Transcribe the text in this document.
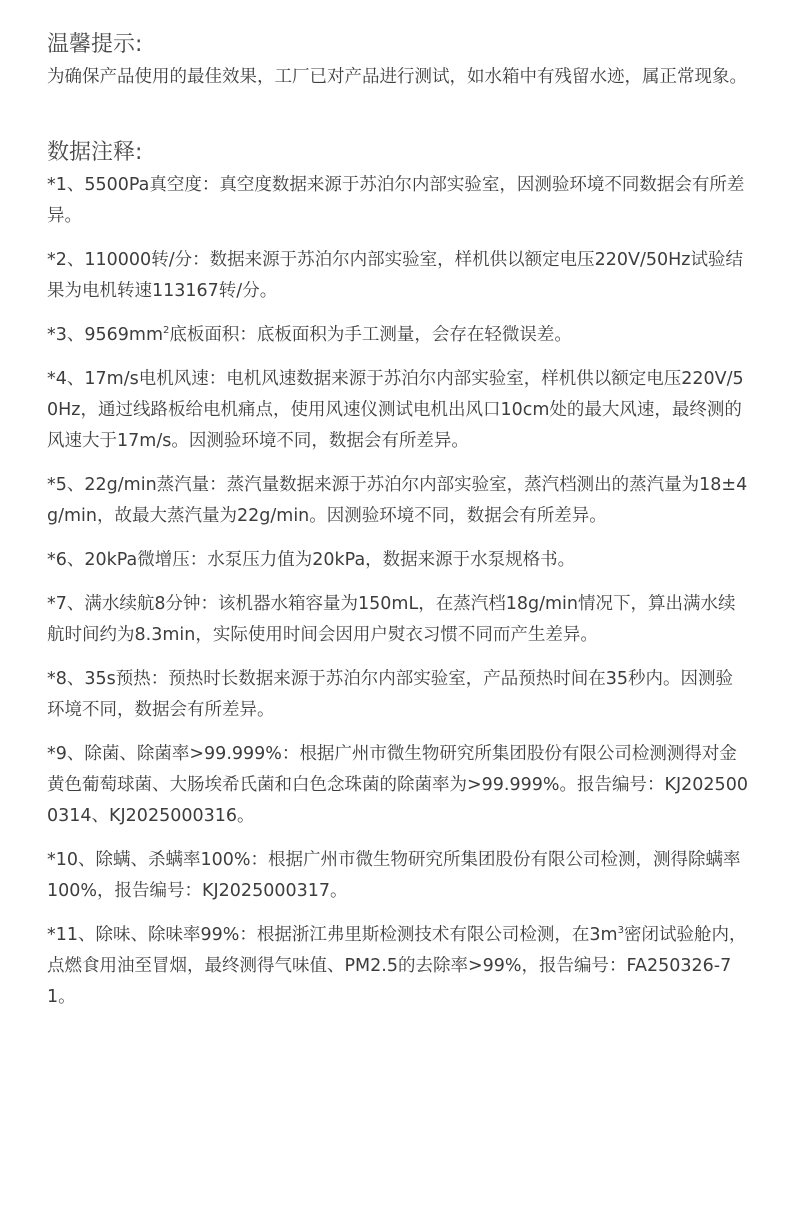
温馨提示:

为确保产品使用的最佳效果，工厂已对产品进行测试，如水箱中有残留水迹，属正常现象。

数据注释:

*1、5500Pa真空度：真空度数据来源于苏泊尔内部实验室，因测验环境不同数据会有所差异。

*2、110000转/分：数据来源于苏泊尔内部实验室，样机供以额定电压220V/50Hz试验结果为电机转速113167转/分。

*3、$9569mm^2$底板面积：底板面积为手工测量，会存在轻微误差。

*4、17m/s电机风速：电机风速数据来源于苏泊尔内部实验室，样机供以额定电压220V/50Hz，通过线路板给电机痛点，使用风速仪测试电机出风口10cm处的最大风速，最终测的风速大于17m/s。因测验环境不同，数据会有所差异。

*5、22g/min蒸汽量：蒸汽量数据来源于苏泊尔内部实验室，蒸汽档测出的蒸汽量为18±4g/min，故最大蒸汽量为22g/min。因测验环境不同，数据会有所差异。

*6、20kPa微增压：水泵压力值为20kPa，数据来源于水泵规格书。

*7、满水续航8分钟：该机器水箱容量为150mL，在蒸汽档18g/min情况下，算出满水续航时间约为8.3min，实际使用时间会因用户熨衣习惯不同而产生差异。

*8、35s预热：预热时长数据来源于苏泊尔内部实验室，产品预热时间在35秒内。因测验环境不同，数据会有所差异。

*9、除菌、除菌率>99.999%：根据广州市微生物研究所集团股份有限公司检测测得对金黄色葡萄球菌、大肠埃希氏菌和白色念珠菌的除菌率为>99.999%。报告编号：KJ2025000314、KJ2025000316。

*10、除螨、杀螨率100%：根据广州市微生物研究所集团股份有限公司检测，测得除螨率100%，报告编号：KJ2025000317。

*11、除味、除味率99%：根据浙江弗里斯检测技术有限公司检测，在$3m^3$密闭试验舱内，点燃食用油至冒烟，最终测得气味值、PM2.5的去除率>99%，报告编号：FA250326-71。
